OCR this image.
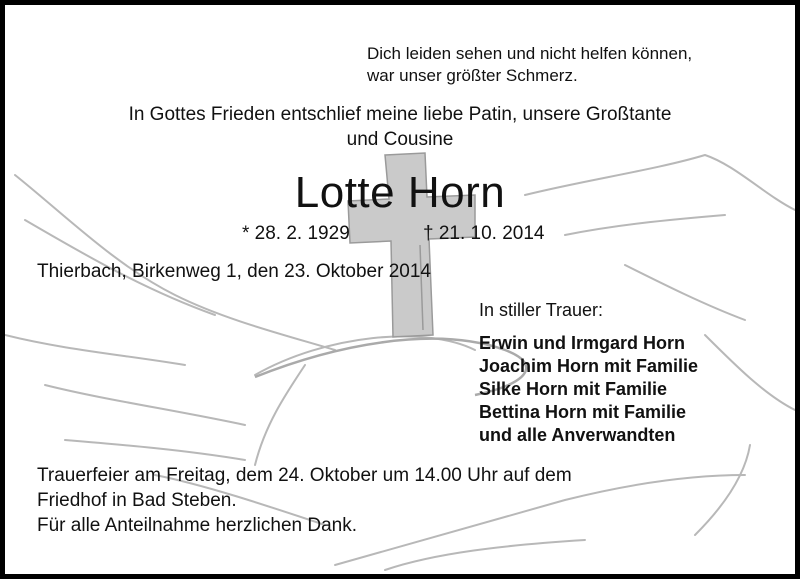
Dich leiden sehen und nicht helfen können,
war unser größter Schmerz.
In Gottes Frieden entschlief meine liebe Patin, unsere Großtante
und Cousine
Lotte Horn
* 28. 2. 1929	† 21. 10. 2014
Thierbach, Birkenweg 1, den 23. Oktober 2014
In stiller Trauer:
Erwin und Irmgard Horn
Joachim Horn mit Familie
Silke Horn mit Familie
Bettina Horn mit Familie
und alle Anverwandten
Trauerfeier am Freitag, dem 24. Oktober um 14.00 Uhr auf dem
Friedhof in Bad Steben.
Für alle Anteilnahme herzlichen Dank.
